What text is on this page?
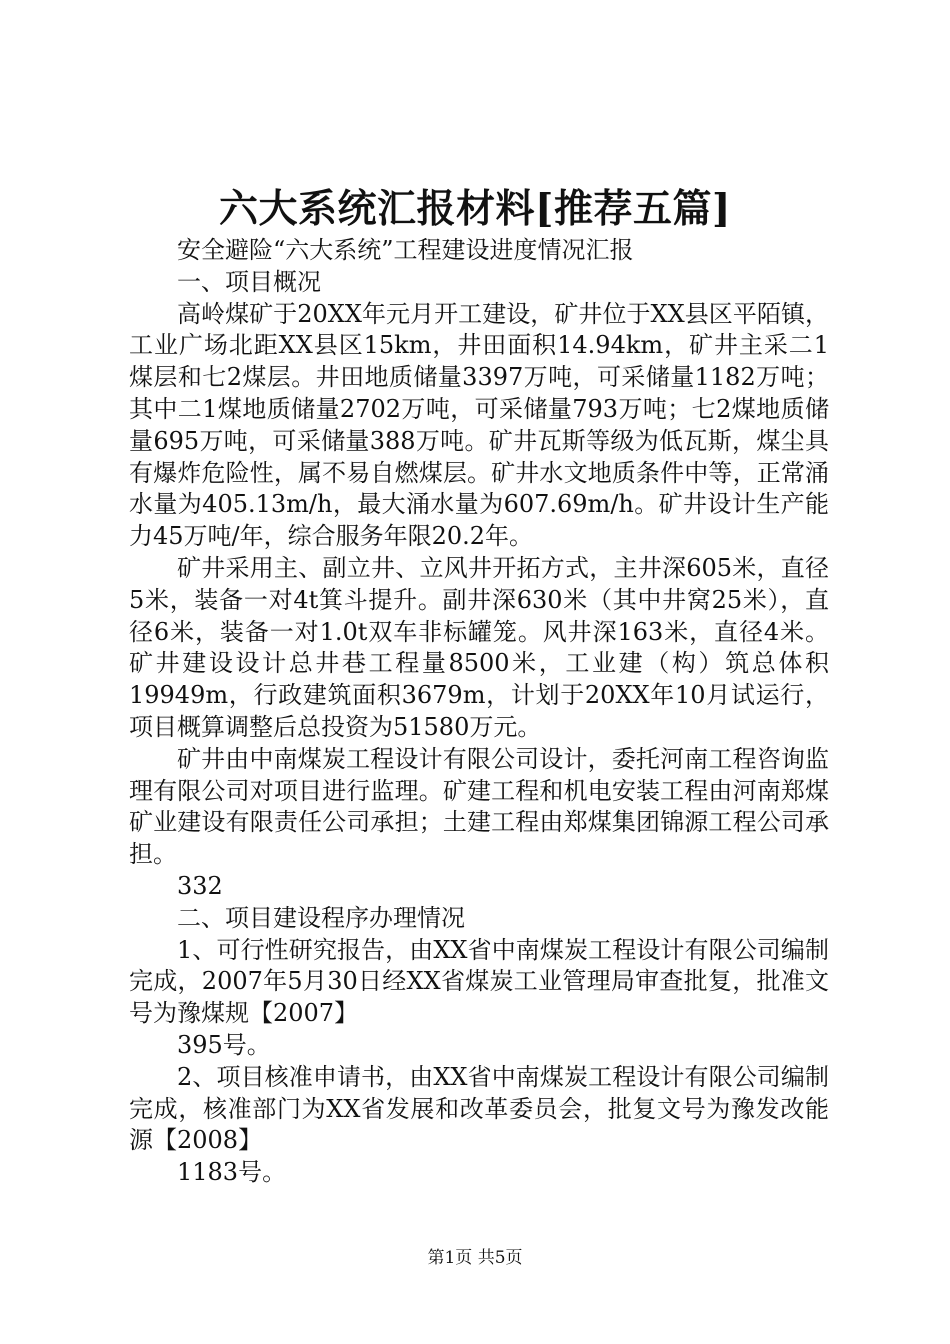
六大系统汇报材料[推荐五篇]

安全避险“六大系统”工程建设进度情况汇报

一、项目概况

高岭煤矿于20XX年元月开工建设，矿井位于XX县区平陌镇，工业广场北距XX县区15km，井田面积14.94km，矿井主采二1煤层和七2煤层。井田地质储量3397万吨，可采储量1182万吨；其中二1煤地质储量2702万吨，可采储量793万吨；七2煤地质储量695万吨，可采储量388万吨。矿井瓦斯等级为低瓦斯，煤尘具有爆炸危险性，属不易自燃煤层。矿井水文地质条件中等，正常涌水量为405.13m/h，最大涌水量为607.69m/h。矿井设计生产能力45万吨/年，综合服务年限20.2年。

矿井采用主、副立井、立风井开拓方式，主井深605米，直径5米，装备一对4t箕斗提升。副井深630米（其中井窝25米），直径6米，装备一对1.0t双车非标罐笼。风井深163米，直径4米。矿井建设设计总井巷工程量8500米，工业建（构）筑总体积19949m，行政建筑面积3679m，计划于20XX年10月试运行，项目概算调整后总投资为51580万元。

矿井由中南煤炭工程设计有限公司设计，委托河南工程咨询监理有限公司对项目进行监理。矿建工程和机电安装工程由河南郑煤矿业建设有限责任公司承担；土建工程由郑煤集团锦源工程公司承担。

332

二、项目建设程序办理情况

1、可行性研究报告，由XX省中南煤炭工程设计有限公司编制完成，2007年5月30日经XX省煤炭工业管理局审查批复，批准文号为豫煤规【2007】

395号。

2、项目核准申请书，由XX省中南煤炭工程设计有限公司编制完成，核准部门为XX省发展和改革委员会，批复文号为豫发改能源【2008】

1183号。

第1页 共5页
